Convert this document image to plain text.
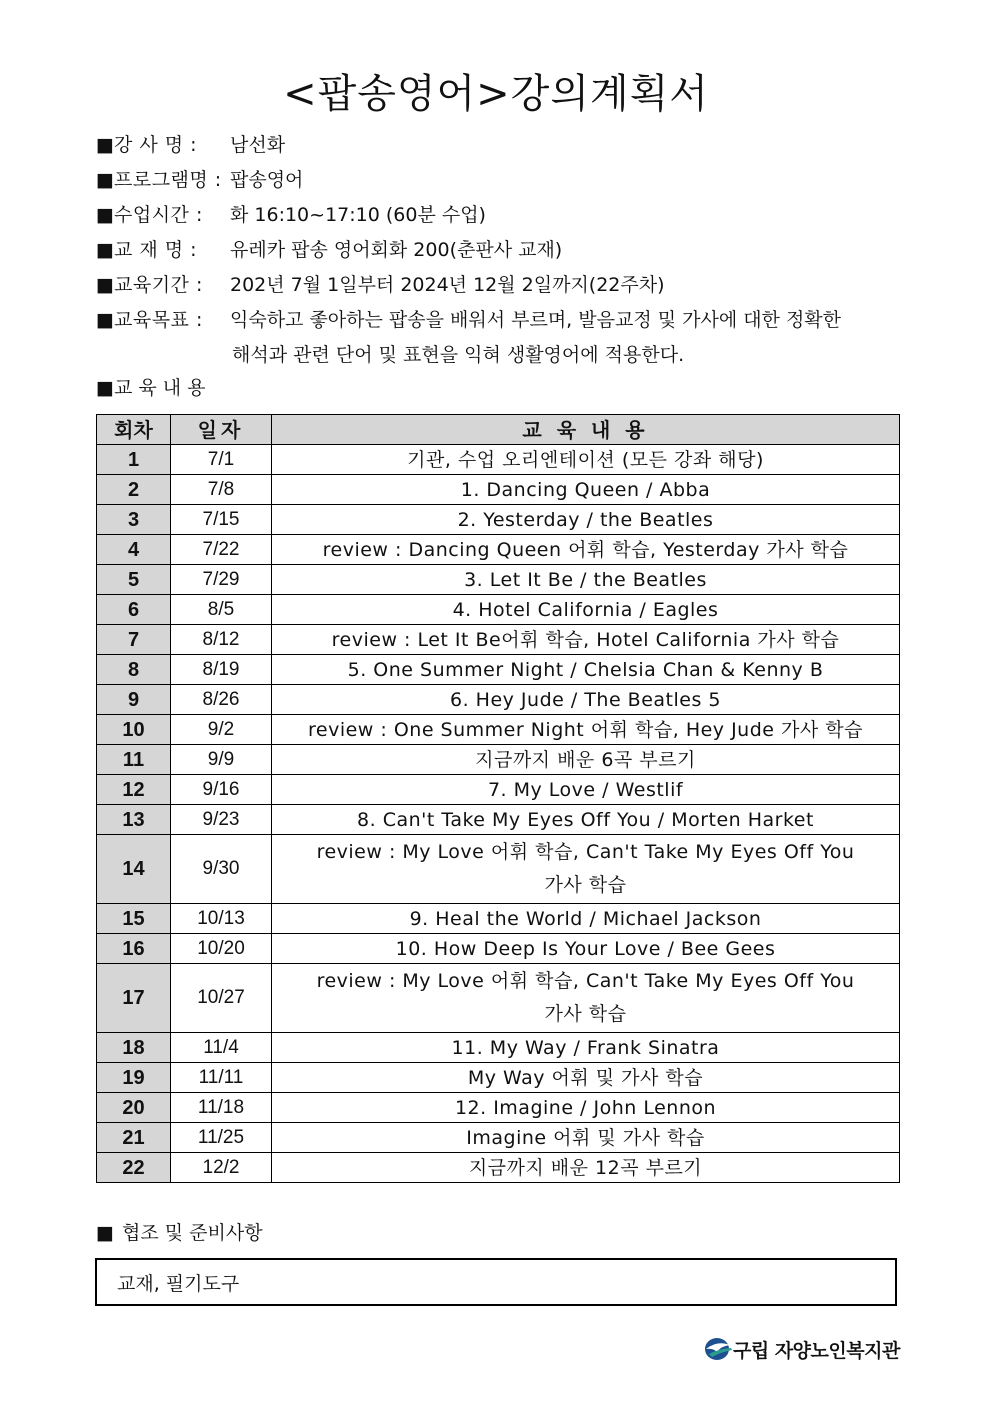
<팝송영어>강의계획서
■강 사 명 : 남선화
■프로그램명 : 팝송영어
■수업시간 : 화 16:10~17:10 (60분 수업)
■교 재 명 : 유레카 팝송 영어회화 200(춘판사 교재)
■교육기간 : 202년 7월 1일부터 2024년 12월 2일까지(22주차)
■교육목표 : 익숙하고 좋아하는 팝송을 배워서 부르며, 발음교정 및 가사에 대한 정확한
해석과 관련 단어 및 표현을 익혀 생활영어에 적용한다.
■교 육 내 용
회차	일자	교 육 내 용
1	7/1	기관, 수업 오리엔테이션 (모든 강좌 해당)

2	7/8	1. Dancing Queen / Abba

3	7/15	2. Yesterday / the Beatles

4	7/22	review : Dancing Queen 어휘 학습, Yesterday 가사 학습

5	7/29	3. Let It Be / the Beatles

6	8/5	4. Hotel California / Eagles

7	8/12	review : Let It Be어휘 학습, Hotel California 가사 학습

8	8/19	5. One Summer Night / Chelsia Chan & Kenny B

9	8/26	6. Hey Jude / The Beatles 5

10	9/2	review : One Summer Night 어휘 학습, Hey Jude 가사 학습

11	9/9	지금까지 배운 6곡 부르기

12	9/16	7. My Love / Westlif

13	9/23	8. Can't Take My Eyes Off You / Morten Harket

14	9/30	review : My Love 어휘 학습, Can't Take My Eyes Off You
가사 학습

15	10/13	9. Heal the World / Michael Jackson

16	10/20	10. How Deep Is Your Love / Bee Gees

17	10/27	review : My Love 어휘 학습, Can't Take My Eyes Off You
가사 학습

18	11/4	11. My Way / Frank Sinatra

19	11/11	My Way 어휘 및 가사 학습

20	11/18	12. Imagine / John Lennon

21	11/25	Imagine 어휘 및 가사 학습

22	12/2	지금까지 배운 12곡 부르기
■ 협조 및 준비사항
교재, 필기도구
구립 자양노인복지관
